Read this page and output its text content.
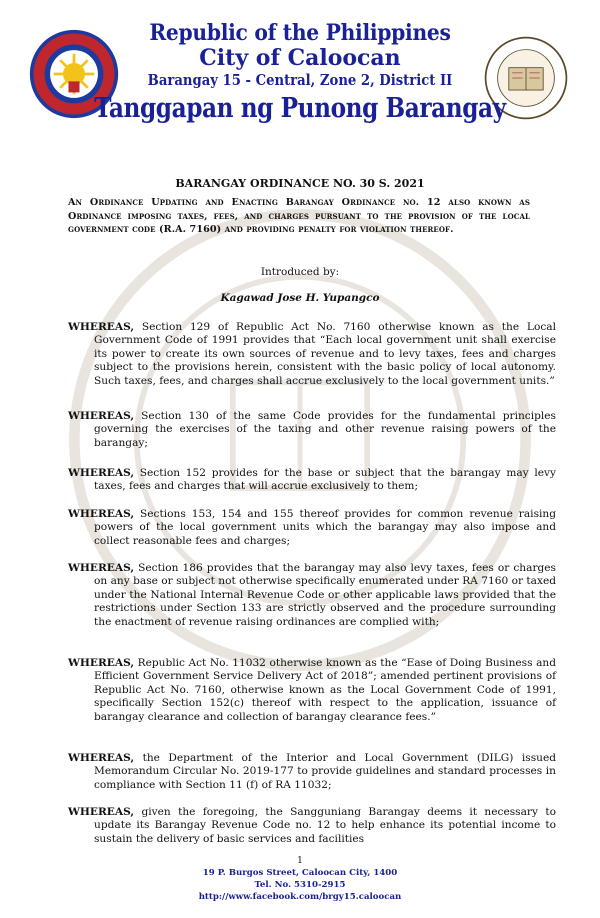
Republic of the Philippines
City of Caloocan
Barangay 15 - Central, Zone 2, District II
Tanggapan ng Punong Barangay
BARANGAY ORDINANCE NO. 30 S. 2021
An Ordinance Updating and Enacting Barangay Ordinance no. 12 also known as Ordinance imposing taxes, fees, and charges pursuant to the provision of the local government code (R.A. 7160) and providing penalty for violation thereof.
Introduced by:
Kagawad Jose H. Yupangco
WHEREAS, Section 129 of Republic Act No. 7160 otherwise known as the Local Government Code of 1991 provides that “Each local government unit shall exercise its power to create its own sources of revenue and to levy taxes, fees and charges subject to the provisions herein, consistent with the basic policy of local autonomy. Such taxes, fees, and charges shall accrue exclusively to the local government units.”
WHEREAS, Section 130 of the same Code provides for the fundamental principles governing the exercises of the taxing and other revenue raising powers of the barangay;
WHEREAS, Section 152 provides for the base or subject that the barangay may levy taxes, fees and charges that will accrue exclusively to them;
WHEREAS, Sections 153, 154 and 155 thereof provides for common revenue raising powers of the local government units which the barangay may also impose and collect reasonable fees and charges;
WHEREAS, Section 186 provides that the barangay may also levy taxes, fees or charges on any base or subject not otherwise specifically enumerated under RA 7160 or taxed under the National Internal Revenue Code or other applicable laws provided that the restrictions under Section 133 are strictly observed and the procedure surrounding the enactment of revenue raising ordinances are complied with;
WHEREAS, Republic Act No. 11032 otherwise known as the “Ease of Doing Business and Efficient Government Service Delivery Act of 2018”; amended pertinent provisions of Republic Act No. 7160, otherwise known as the Local Government Code of 1991, specifically Section 152(c) thereof with respect to the application, issuance of barangay clearance and collection of barangay clearance fees.”
WHEREAS, the Department of the Interior and Local Government (DILG) issued Memorandum Circular No. 2019-177 to provide guidelines and standard processes in compliance with Section 11 (f) of RA 11032;
WHEREAS, given the foregoing, the Sangguniang Barangay deems it necessary to update its Barangay Revenue Code no. 12 to help enhance its potential income to sustain the delivery of basic services and facilities
1
19 P. Burgos Street, Caloocan City, 1400
Tel. No. 5310-2915
http://www.facebook.com/brgy15.caloocan
